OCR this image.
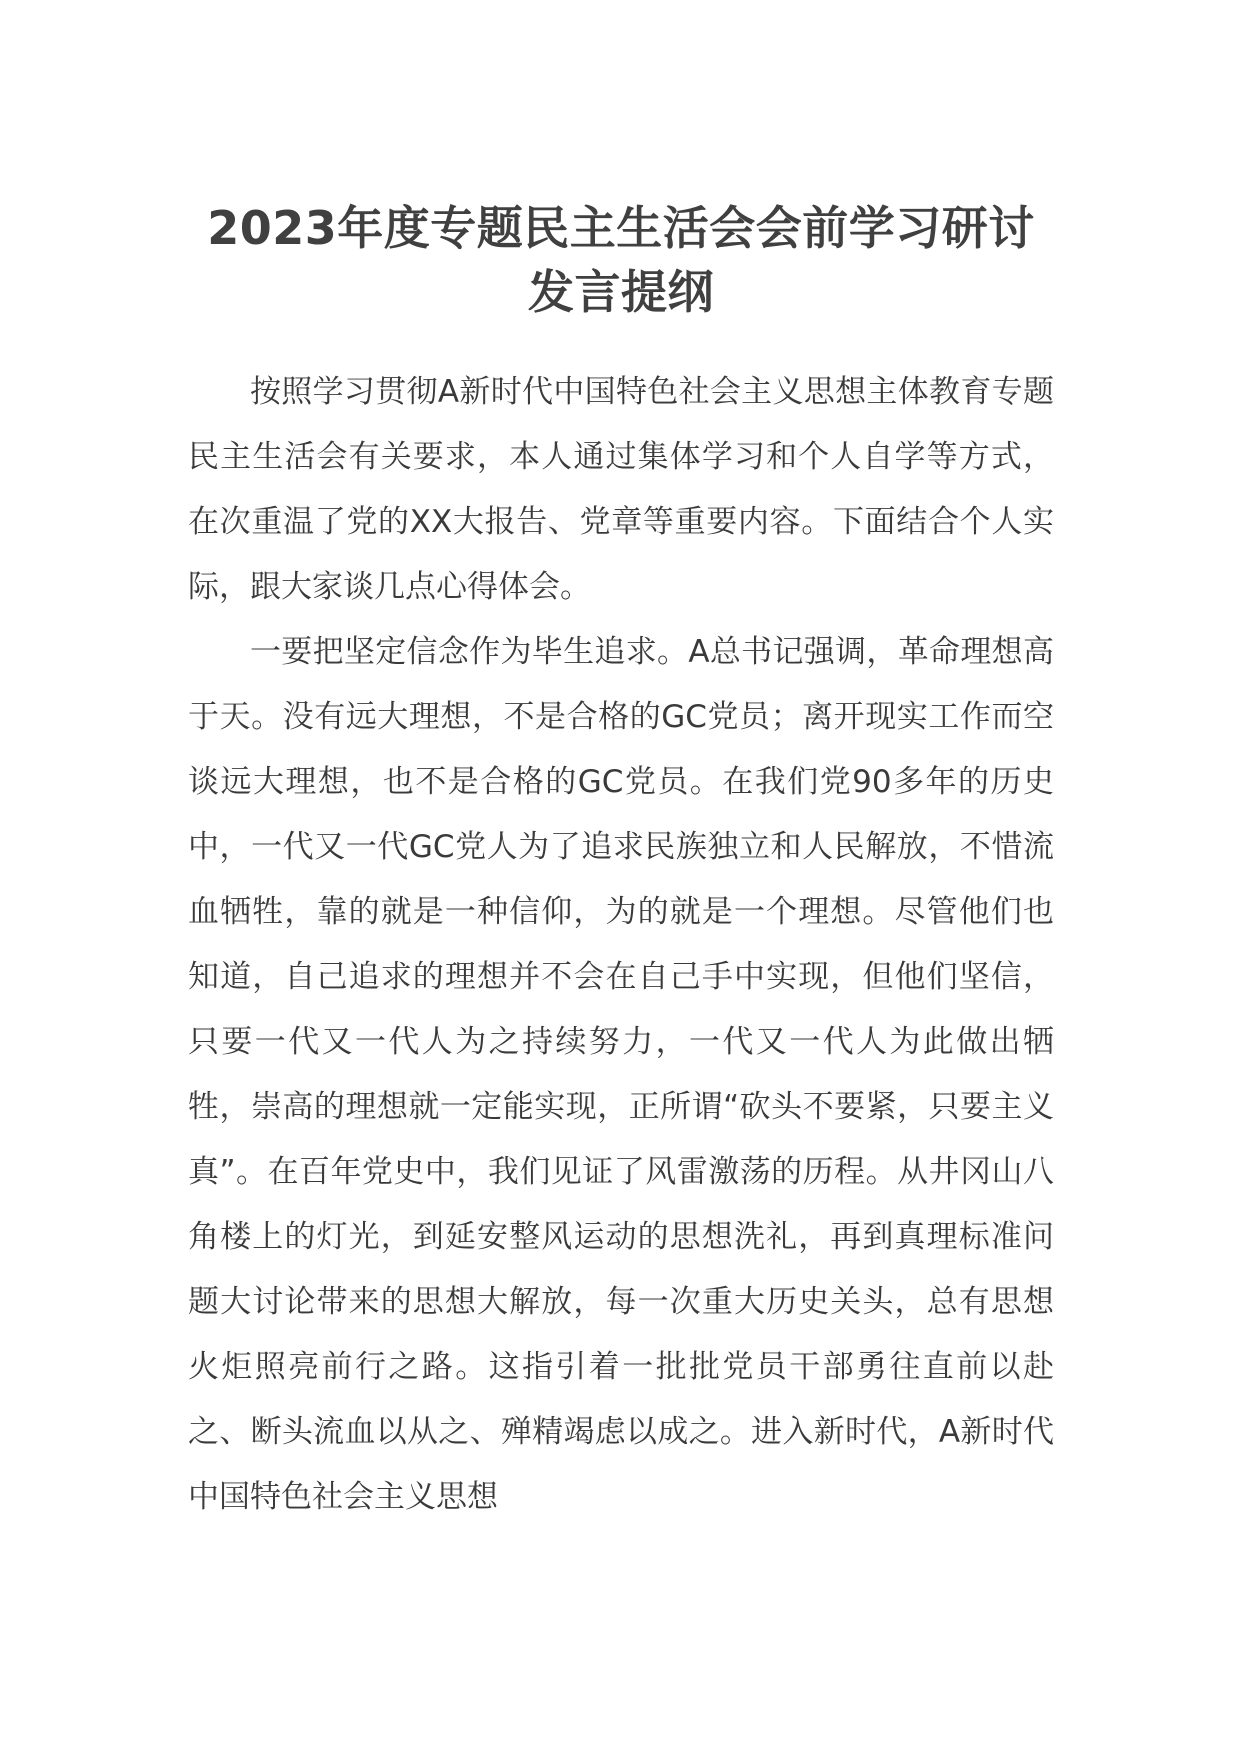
2023年度专题民主生活会会前学习研讨发言提纲

按照学习贯彻A新时代中国特色社会主义思想主体教育专题民主生活会有关要求，本人通过集体学习和个人自学等方式，在次重温了党的XX大报告、党章等重要内容。下面结合个人实际，跟大家谈几点心得体会。

一要把坚定信念作为毕生追求。A总书记强调，革命理想高于天。没有远大理想，不是合格的GC党员；离开现实工作而空谈远大理想，也不是合格的GC党员。在我们党90多年的历史中，一代又一代GC党人为了追求民族独立和人民解放，不惜流血牺牲，靠的就是一种信仰，为的就是一个理想。尽管他们也知道，自己追求的理想并不会在自己手中实现，但他们坚信，只要一代又一代人为之持续努力，一代又一代人为此做出牺牲，崇高的理想就一定能实现，正所谓“砍头不要紧，只要主义真”。在百年党史中，我们见证了风雷激荡的历程。从井冈山八角楼上的灯光，到延安整风运动的思想洗礼，再到真理标准问题大讨论带来的思想大解放，每一次重大历史关头，总有思想火炬照亮前行之路。这指引着一批批党员干部勇往直前以赴之、断头流血以从之、殚精竭虑以成之。进入新时代，A新时代中国特色社会主义思想
